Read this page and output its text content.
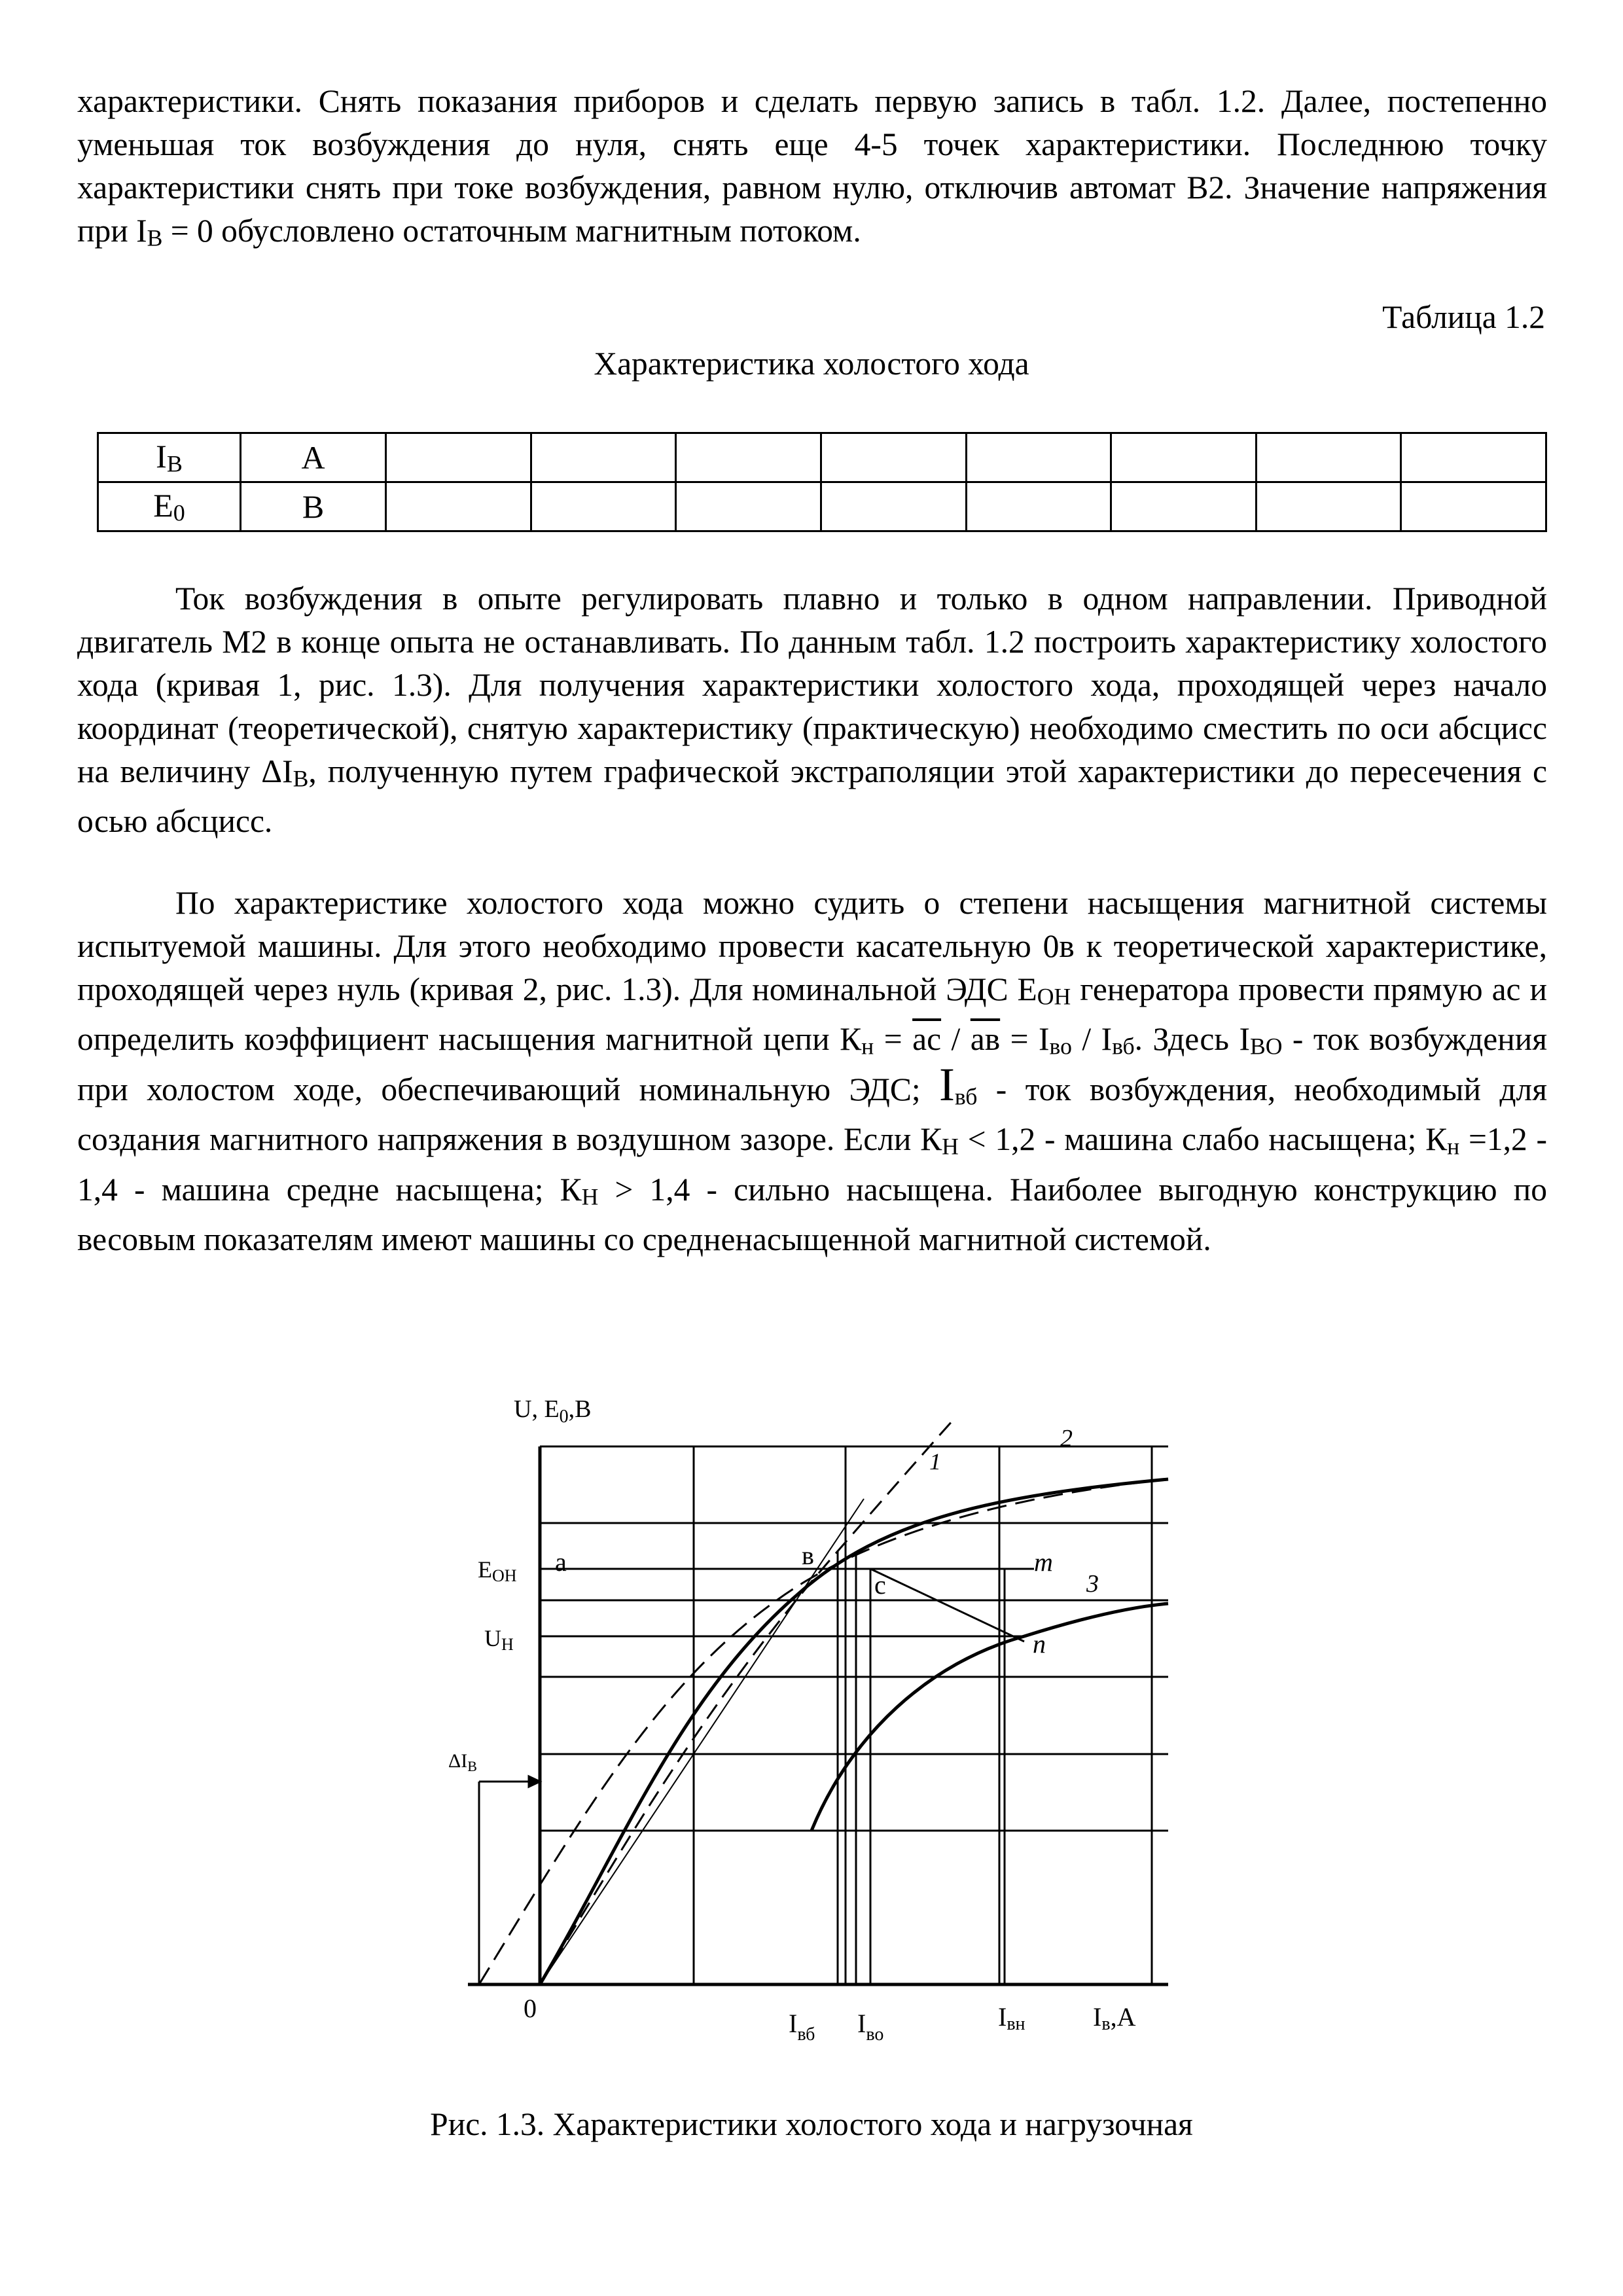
характеристики. Снять показания приборов и сделать первую запись в табл. 1.2. Далее, постепенно уменьшая ток возбуждения до нуля, снять еще 4-5 точек характеристики. Последнюю точку характеристики снять при токе возбуждения, равном нулю, отключив автомат В2. Значение напряжения при IВ = 0 обусловлено остаточным магнитным потоком.

Таблица 1.2
Характеристика холостого хода
IВ	А								
E0	В								

Ток возбуждения в опыте регулировать плавно и только в одном направлении. Приводной двигатель М2 в конце опыта не останавливать. По данным табл. 1.2 построить характеристику холостого хода (кривая 1, рис. 1.3). Для получения характеристики холостого хода, проходящей через начало координат (теоретической), снятую характеристику (практическую) необходимо сместить по оси абсцисс на величину ΔIВ, полученную путем графической экстраполяции этой характеристики до пересечения с осью абсцисс.

По характеристике холостого хода можно судить о степени насыщения магнитной системы испытуемой машины. Для этого необходимо провести касательную 0в к теоретической характеристике, проходящей через нуль (кривая 2, рис. 1.3). Для номинальной ЭДС ЕОН генератора провести прямую ас и определить коэффициент насыщения магнитной цепи Кн = $\overline{ac}$ / ав = Iво / Iвб. Здесь IВО - ток возбуждения при холостом ходе, обеспечивающий номинальную ЭДС; Iвб - ток возбуждения, необходимый для создания магнитного напряжения в воздушном зазоре. Если КН < 1,2 - машина слабо насыщена; Кн =1,2 - 1,4 - машина средне насыщена; КН > 1,4 - сильно насыщена. Наиболее выгодную конструкцию по весовым показателям имеют машины со средненасыщенной магнитной системой.

U, $E_0,В$
EОН
UН
$\Delta I_В$
0
a	в
c
m
n
1
2
3
$I_{вб}$ $I_{во}$
Iвн	Iв,А
Рис. 1.3. Характеристики холостого хода и нагрузочная
